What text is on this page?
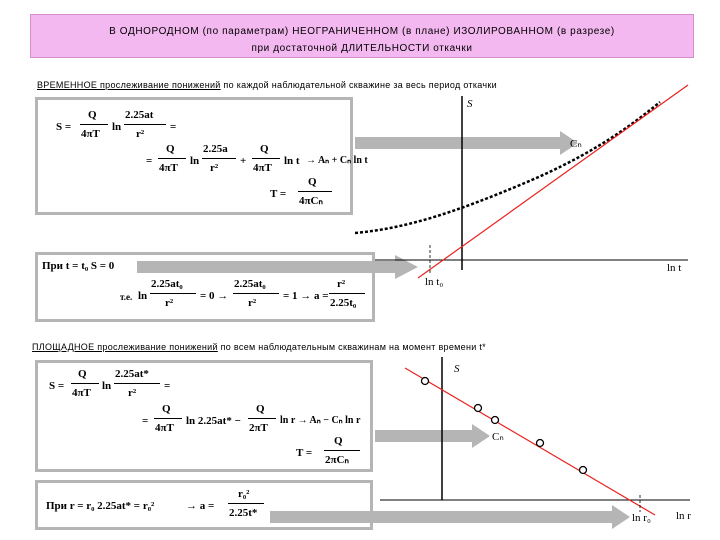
В ОДНОРОДНОМ (по параметрам) НЕОГРАНИЧЕННОМ (в плане) ИЗОЛИРОВАННОМ (в разрезе)
при достаточной ДЛИТЕЛЬНОСТИ откачки
ВРЕМЕННОЕ прослеживание понижений по каждой наблюдательной скважине за весь период откачки
S =
Q
4πT
ln
2.25at
r²
=
=
Q
4πT
ln
2.25a
r²
+
Q
4πT
ln t → Aₙ + Cₙ ln t
T =
Q
4πCₙ
При t = t₀ S = 0
т.е. ln
2.25at₀
r²
= 0 →
2.25at₀
r²
= 1 → a =
r²
2.25t₀
ПЛОЩАДНОЕ прослеживание понижений по всем наблюдательным скважинам на момент времени t*
S =
Q
4πT
ln
2.25at*
r²
=
=
Q
4πT
ln 2.25at* −
Q
2πT
ln r → Aₙ − Cₙ ln r
T =
Q
2πCₙ
При r = r₀ 2.25at* = r₀²	→ a =
r₀²
2.25t*
S
Cₙ
ln t
ln t₀
S
Cₙ
ln r
ln r₀
